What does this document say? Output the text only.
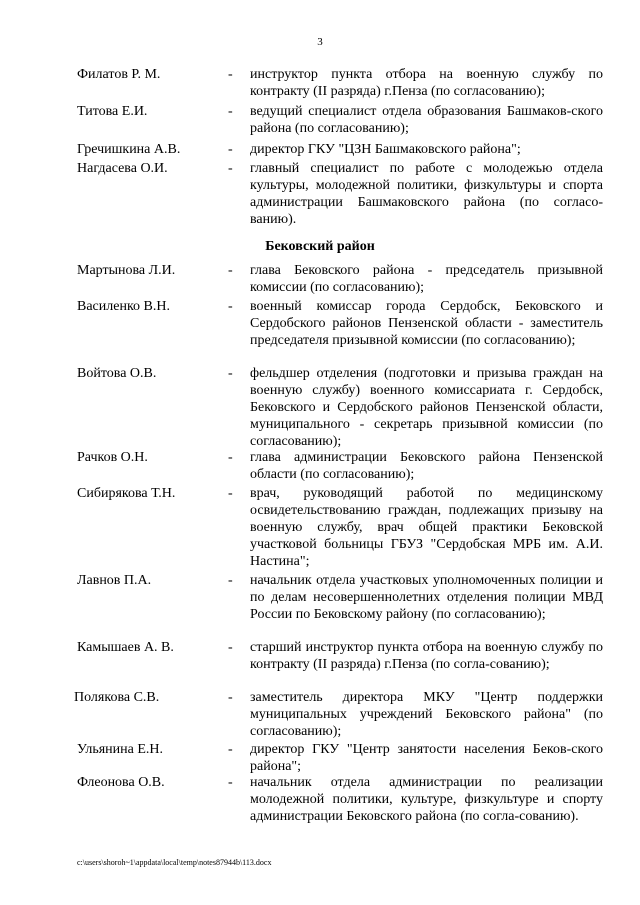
3
Филатов Р. М.	- инструктор пункта отбора на военную службу по контракту (II разряда) г.Пенза (по согласованию);
Титова Е.И.	- ведущий специалист отдела образования Башмаков-ского района (по согласованию);
Гречишкина А.В.	- директор ГКУ "ЦЗН Башмаковского района";
Нагдасева О.И.	- главный специалист по работе с молодежью отдела культуры, молодежной политики, физкультуры и спорта администрации Башмаковского района (по согласо-ванию).
Бековский район
Мартынова Л.И.	- глава Бековского района - председатель призывной комиссии (по согласованию);
Василенко В.Н.	- военный комиссар города Сердобск, Бековского и Сердобского районов Пензенской области - заместитель председателя призывной комиссии (по согласованию);
Войтова О.В.	- фельдшер отделения (подготовки и призыва граждан на военную службу) военного комиссариата г. Сердобск, Бековского и Сердобского районов Пензенской области, муниципального - секретарь призывной комиссии (по согласованию);
Рачков О.Н.	- глава администрации Бековского района Пензенской области (по согласованию);
Сибирякова Т.Н.	- врач, руководящий работой по медицинскому освидетельствованию граждан, подлежащих призыву на военную службу, врач общей практики Бековской участковой больницы ГБУЗ "Сердобская МРБ им. А.И. Настина";
Лавнов П.А.	- начальник отдела участковых уполномоченных полиции и по делам несовершеннолетних отделения полиции МВД России по Бековскому району (по согласованию);
Камышаев А. В.	- старший инструктор пункта отбора на военную службу по контракту (II разряда) г.Пенза (по согла-сованию);
Полякова С.В.	- заместитель директора МКУ "Центр поддержки муниципальных учреждений Бековского района" (по согласованию);
Ульянина Е.Н.	- директор ГКУ "Центр занятости населения Беков-ского района";
Флеонова О.В.	- начальник отдела администрации по реализации молодежной политики, культуре, физкультуре и спорту администрации Бековского района (по согла-сованию).
c:\users\shoroh~1\appdata\local\temp\notes87944b\113.docx
